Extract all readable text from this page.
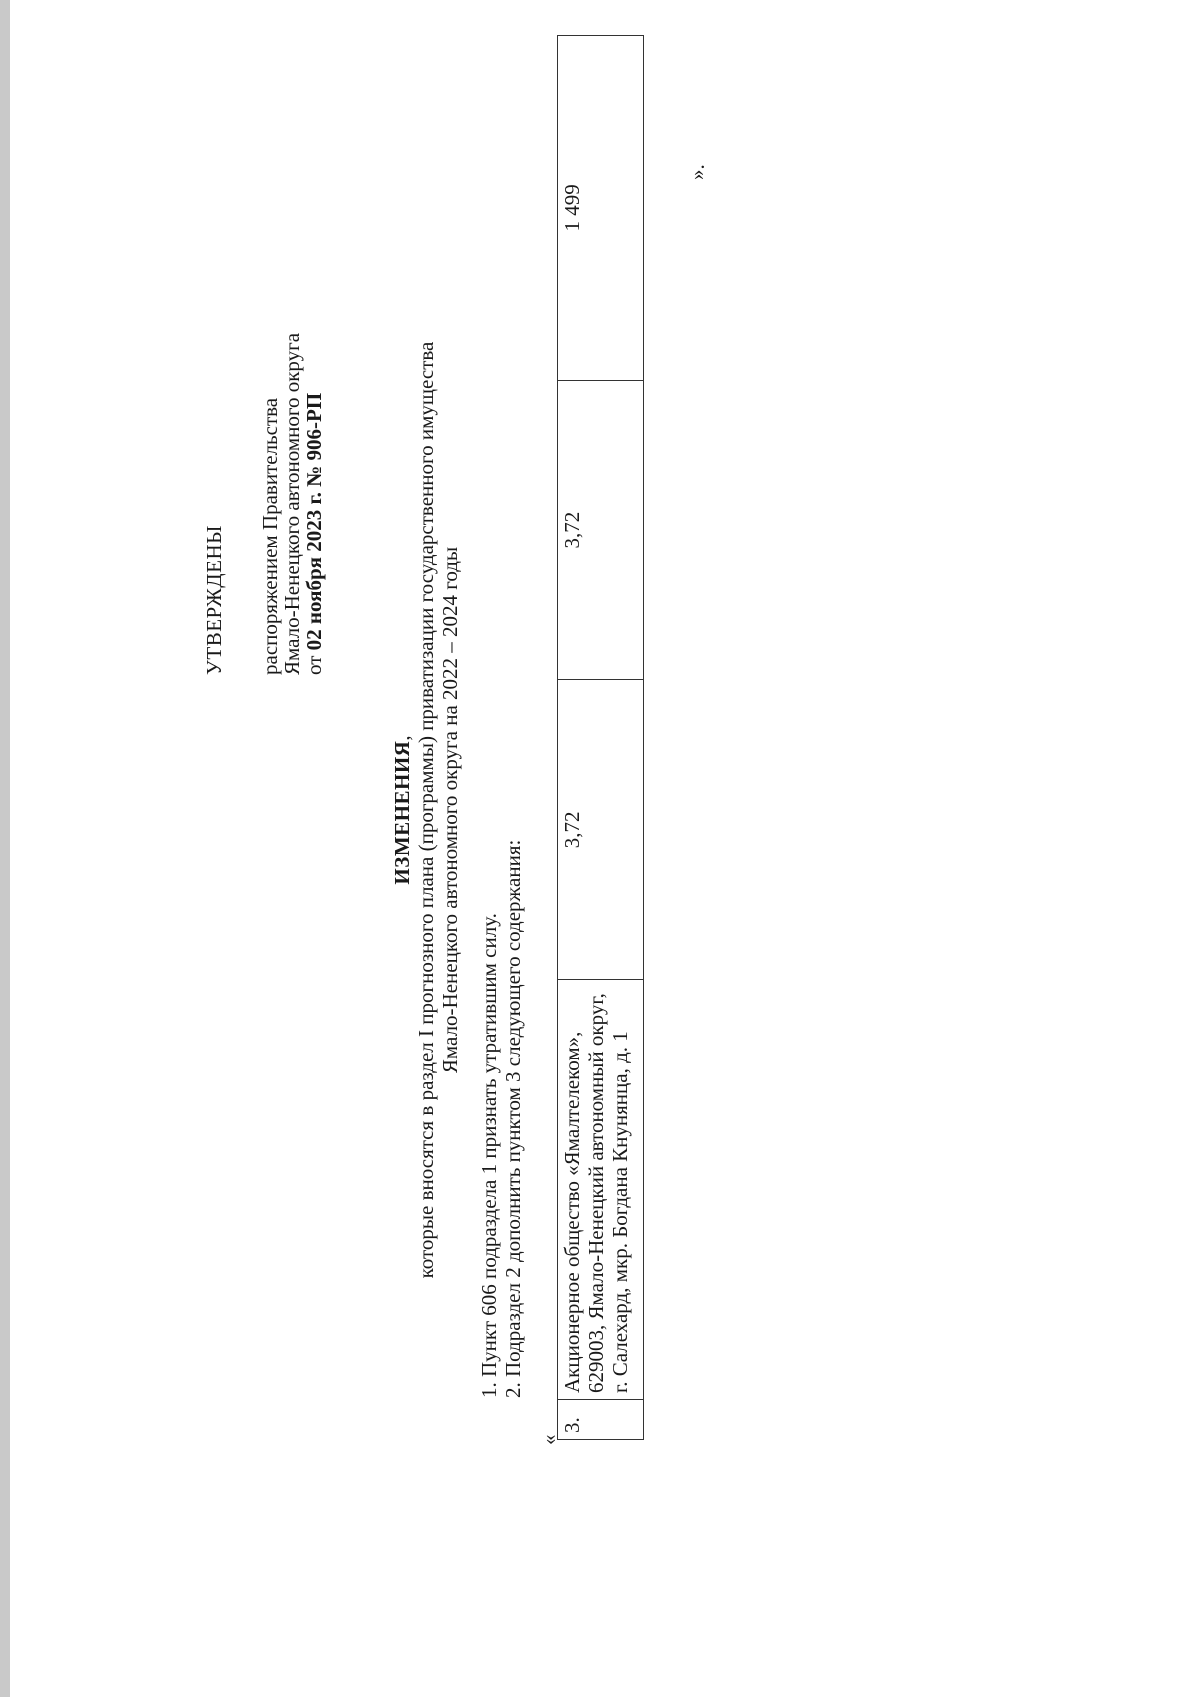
УТВЕРЖДЕНЫ распоряжением Правительства
Ямало-Ненецкого автономного округа
от 02 ноября 2023 г. № 906-РП
ИЗМЕНЕНИЯ, которые вносятся в раздел I прогнозного плана (программы) приватизации государственного имущества Ямало-Ненецкого автономного округа на 2022 – 2024 годы
1. Пункт 606 подраздела 1 признать утратившим силу. 2. Подраздел 2 дополнить пунктом 3 следующего содержания:
«
3.	Акционерное общество «Ямалтелеком», 629003, Ямало-Ненецкий автономный округ, г. Салехард, мкр. Богдана Кнунянца, д. 1	3,72	3,72	1 499
».
